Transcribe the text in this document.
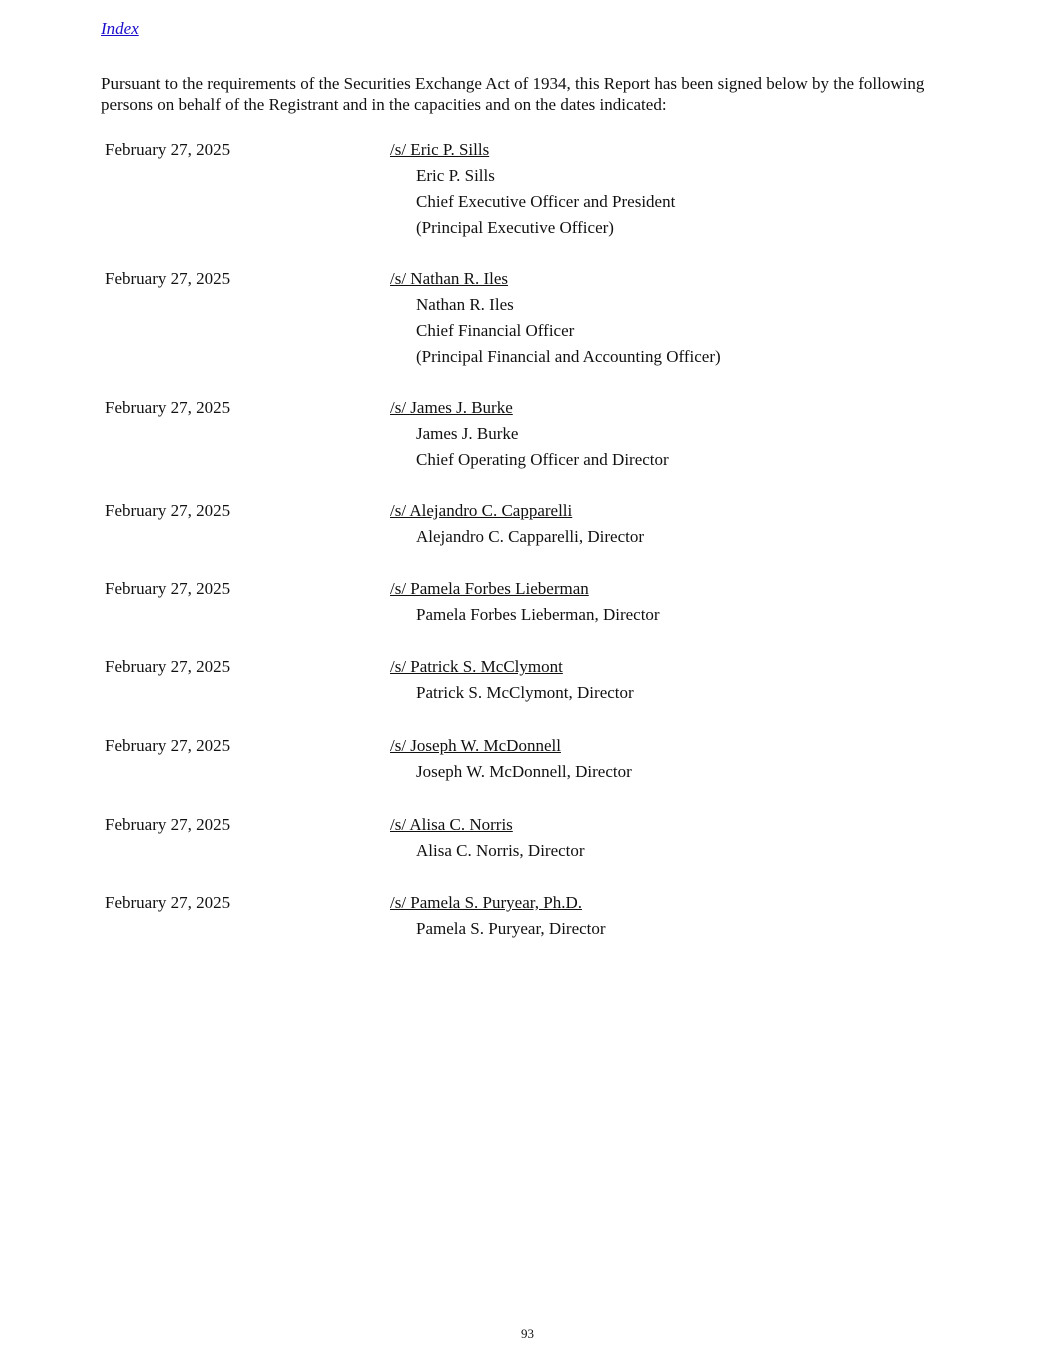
Index

Pursuant to the requirements of the Securities Exchange Act of 1934, this Report has been signed below by the following persons on behalf of the Registrant and in the capacities and on the dates indicated:

February 27, 2025	/s/ Eric P. Sills
Eric P. Sills
Chief Executive Officer and President
(Principal Executive Officer)
February 27, 2025	/s/ Nathan R. Iles
Nathan R. Iles
Chief Financial Officer
(Principal Financial and Accounting Officer)
February 27, 2025	/s/ James J. Burke
James J. Burke
Chief Operating Officer and Director
February 27, 2025	/s/ Alejandro C. Capparelli
Alejandro C. Capparelli, Director
February 27, 2025	/s/ Pamela Forbes Lieberman
Pamela Forbes Lieberman, Director
February 27, 2025	/s/ Patrick S. McClymont
Patrick S. McClymont, Director
February 27, 2025	/s/ Joseph W. McDonnell
Joseph W. McDonnell, Director
February 27, 2025	/s/ Alisa C. Norris
Alisa C. Norris, Director
February 27, 2025	/s/ Pamela S. Puryear, Ph.D.
Pamela S. Puryear, Director
93
